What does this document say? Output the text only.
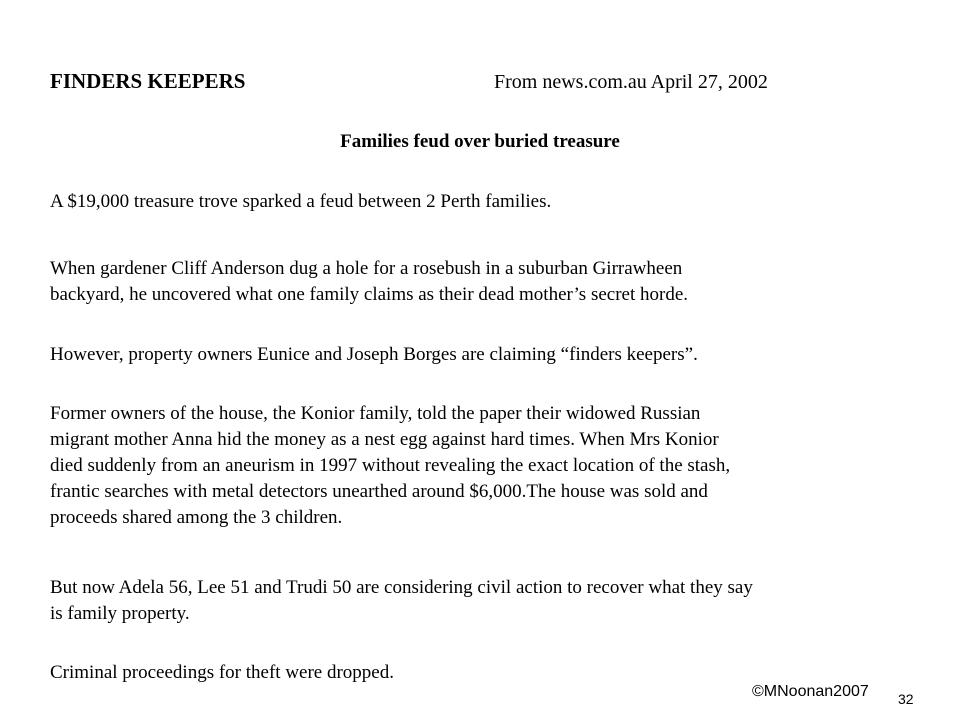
FINDERS KEEPERS	From news.com.au April 27, 2002
Families feud over buried treasure

A $19,000 treasure trove sparked a feud between 2 Perth families.

When gardener Cliff Anderson dug a hole for a rosebush in a suburban Girrawheen
backyard, he uncovered what one family claims as their dead mother’s secret horde.

However, property owners Eunice and Joseph Borges are claiming “finders keepers”.

Former owners of the house, the Konior family, told the paper their widowed Russian
migrant mother Anna hid the money as a nest egg against hard times. When Mrs Konior
died suddenly from an aneurism in 1997 without revealing the exact location of the stash,
frantic searches with metal detectors unearthed around $6,000.The house was sold and
proceeds shared among the 3 children.

But now Adela 56, Lee 51 and Trudi 50 are considering civil action to recover what they say
is family property.

Criminal proceedings for theft were dropped.

©MNoonan2007 32
